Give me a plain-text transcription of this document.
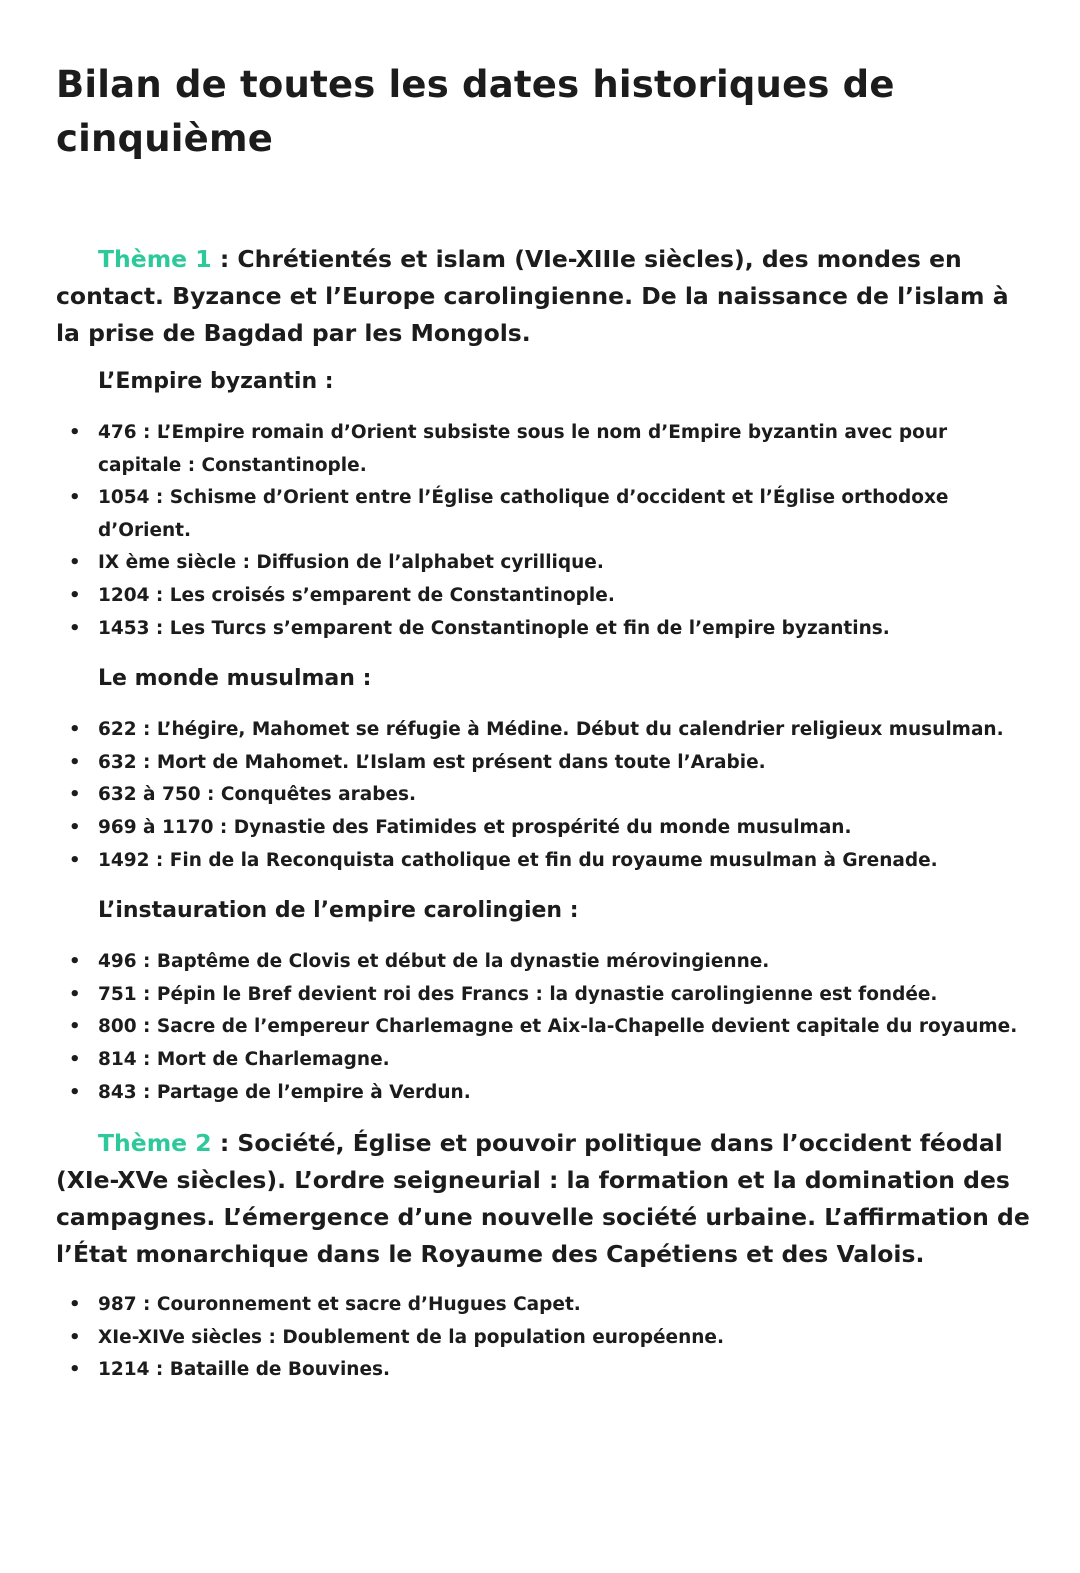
Bilan de toutes les dates historiques de cinquième

Thème 1 : Chrétientés et islam (VIe-XIIIe siècles), des mondes en contact. Byzance et l’Europe carolingienne. De la naissance de l’islam à la prise de Bagdad par les Mongols.

L’Empire byzantin :
• 476 : L’Empire romain d’Orient subsiste sous le nom d’Empire byzantin avec pour capitale : Constantinople.
• 1054 : Schisme d’Orient entre l’Église catholique d’occident et l’Église orthodoxe d’Orient.
• IX ème siècle : Diffusion de l’alphabet cyrillique.
• 1204 : Les croisés s’emparent de Constantinople.
• 1453 : Les Turcs s’emparent de Constantinople et fin de l’empire byzantins.
Le monde musulman :
• 622 : L’hégire, Mahomet se réfugie à Médine. Début du calendrier religieux musulman.
• 632 : Mort de Mahomet. L’Islam est présent dans toute l’Arabie.
• 632 à 750 : Conquêtes arabes.
• 969 à 1170 : Dynastie des Fatimides et prospérité du monde musulman.
• 1492 : Fin de la Reconquista catholique et fin du royaume musulman à Grenade.
L’instauration de l’empire carolingien :
• 496 : Baptême de Clovis et début de la dynastie mérovingienne.
• 751 : Pépin le Bref devient roi des Francs : la dynastie carolingienne est fondée.
• 800 : Sacre de l’empereur Charlemagne et Aix-la-Chapelle devient capitale du royaume.
• 814 : Mort de Charlemagne.
• 843 : Partage de l’empire à Verdun.

Thème 2 : Société, Église et pouvoir politique dans l’occident féodal (XIe-XVe siècles). L’ordre seigneurial : la formation et la domination des campagnes. L’émergence d’une nouvelle société urbaine. L’affirmation de l’État monarchique dans le Royaume des Capétiens et des Valois.

• 987 : Couronnement et sacre d’Hugues Capet.
• XIe-XIVe siècles : Doublement de la population européenne.
• 1214 : Bataille de Bouvines.
